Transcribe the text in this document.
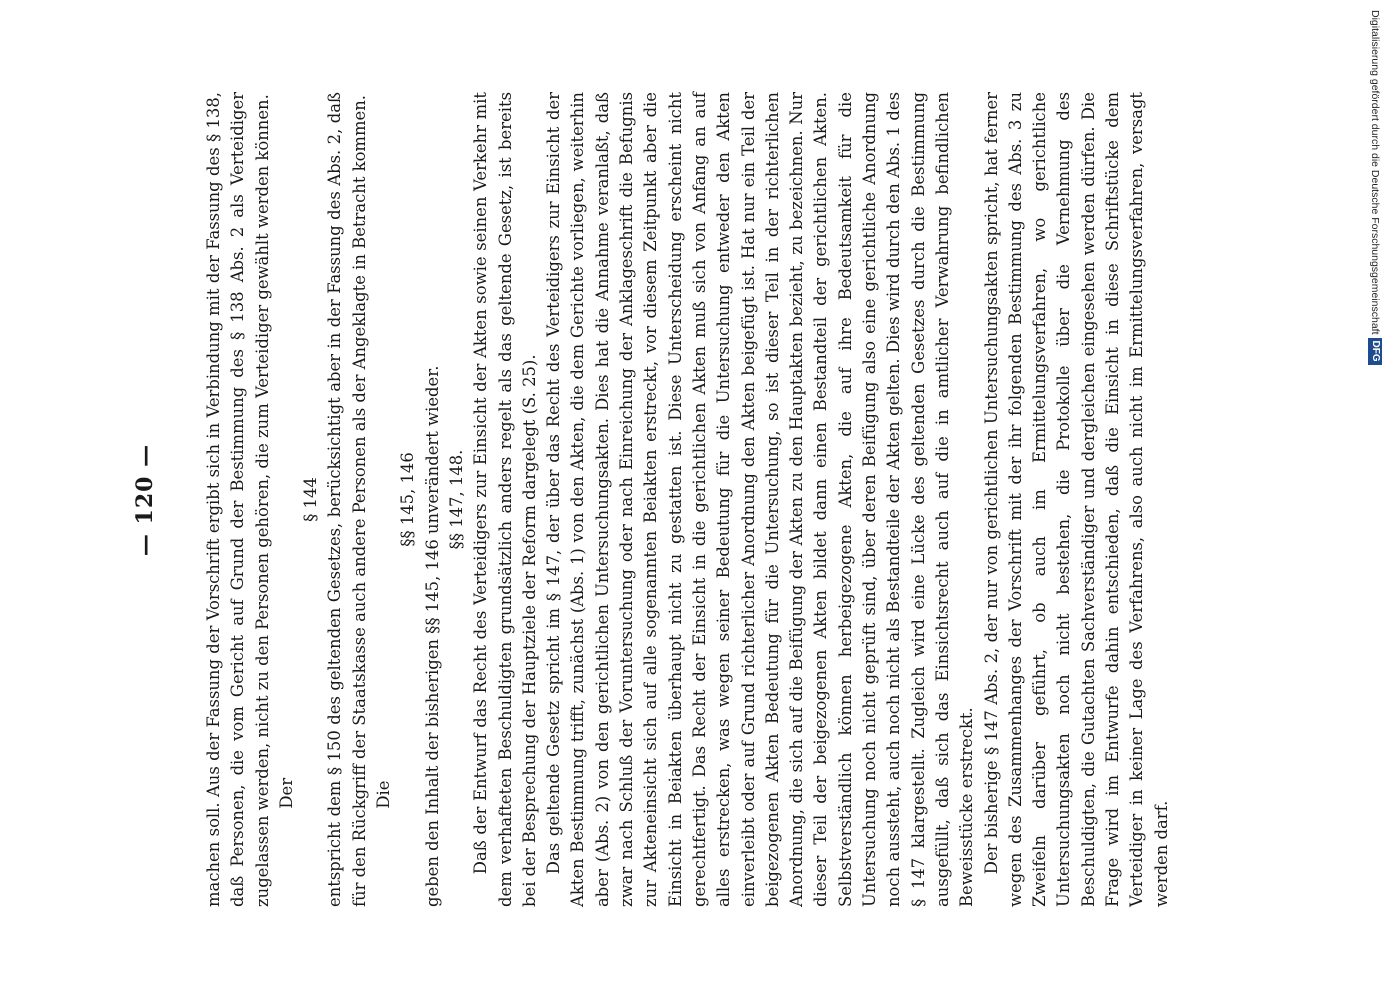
— 120 —	machen soll. Aus der Fassung der Vorschrift ergibt sich in Verbindung mit der Fassung des § 138, daß Personen, die vom Gericht auf Grund der Bestimmung des § 138 Abs. 2 als Verteidiger zugelassen werden, nicht zu den Personen gehören, die zum Verteidiger gewählt werden können. Der

§ 144 entspricht dem § 150 des geltenden Gesetzes, berücksichtigt aber in der Fassung des Abs. 2, daß für den Rückgriff der Staatskasse auch andere Personen als der Angeklagte in Betracht kommen. Die

§§ 145, 146 geben den Inhalt der bisherigen §§ 145, 146 unverändert wieder. §§ 147, 148. Daß der Entwurf das Recht des Verteidigers zur Einsicht der Akten sowie seinen Verkehr mit dem verhafteten Beschuldigten grundsätzlich anders regelt als das geltende Gesetz, ist bereits bei der Besprechung der Hauptziele der Reform dargelegt (S. 25). Das geltende Gesetz spricht im § 147, der über das Recht des Verteidigers zur Einsicht der Akten Bestimmung trifft, zunächst (Abs. 1) von den Akten, die dem Gerichte vorliegen, weiterhin aber (Abs. 2) von den gerichtlichen Untersuchungsakten. Dies hat die Annahme veranlaßt, daß zwar nach Schluß der Voruntersuchung oder nach Einreichung der Anklageschrift die Befugnis zur Akteneinsicht sich auf alle sogenannten Beiakten erstreckt, vor diesem Zeitpunkt aber die Einsicht in Beiakten überhaupt nicht zu gestatten ist. Diese Unterscheidung erscheint nicht gerechtfertigt. Das Recht der Einsicht in die gerichtlichen Akten muß sich von Anfang an auf alles erstrecken, was wegen seiner Bedeutung für die Untersuchung entweder den Akten einverleibt oder auf Grund richterlicher Anordnung den Akten beigefügt ist. Hat nur ein Teil der beigezogenen Akten Bedeutung für die Untersuchung, so ist dieser Teil in der richterlichen Anordnung, die sich auf die Beifügung der Akten zu den Hauptakten bezieht, zu bezeichnen. Nur dieser Teil der beigezogenen Akten bildet dann einen Bestandteil der gerichtlichen Akten. Selbstverständlich können herbeigezogene Akten, die auf ihre Bedeutsamkeit für die Untersuchung noch nicht geprüft sind, über deren Beifügung also eine gerichtliche Anordnung noch aussteht, auch noch nicht als Bestandteile der Akten gelten. Dies wird durch den Abs. 1 des § 147 klargestellt. Zugleich wird eine Lücke des geltenden Gesetzes durch die Bestimmung ausgefüllt, daß sich das Einsichtsrecht auch auf die in amtlicher Verwahrung befindlichen Beweisstücke erstreckt. Der bisherige § 147 Abs. 2, der nur von gerichtlichen Untersuchungsakten spricht, hat ferner wegen des Zusammenhanges der Vorschrift mit der ihr folgenden Bestimmung des Abs. 3 zu Zweifeln darüber geführt, ob auch im Ermittelungsverfahren, wo gerichtliche Untersuchungsakten noch nicht bestehen, die Protokolle über die Vernehmung des Beschuldigten, die Gutachten Sachverständiger und dergleichen eingesehen werden dürfen. Die Frage wird im Entwurfe dahin entschieden, daß die Einsicht in diese Schriftstücke dem Verteidiger in keiner Lage des Verfahrens, also auch nicht im Ermittelungsverfahren, versagt werden darf.

Digitalisierung gefördert durch die Deutsche Forschungsgemeinschaft
DFG
